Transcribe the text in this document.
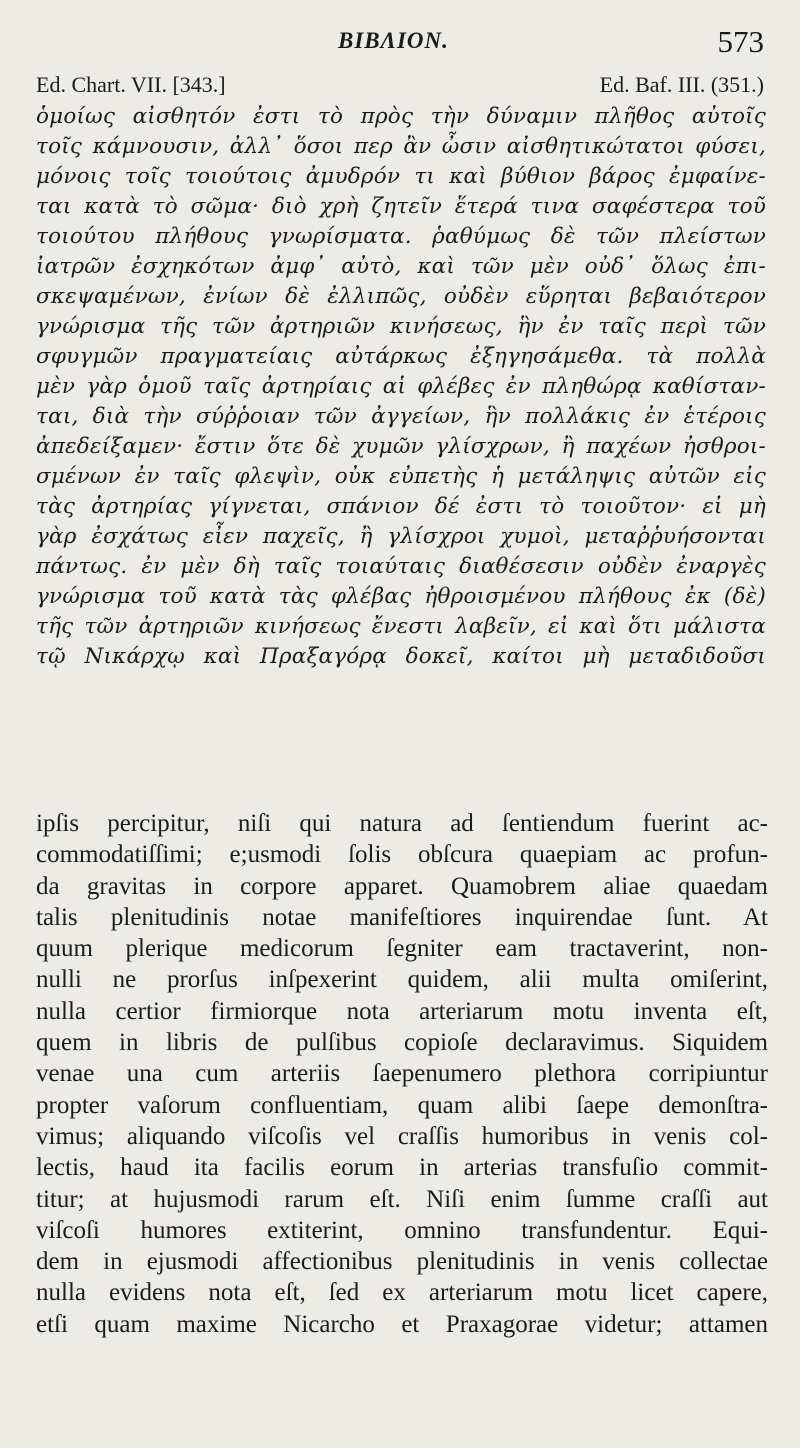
BIBΛΙΟΝ.	573
Ed. Chart. VII. [343.]	Ed. Baf. III. (351.)
ὁμοίως αἰσθητόν ἐστι τὸ πρὸς τὴν δύναμιν πλῆθος αὐτοῖς
τοῖς κάμνουσιν, ἀλλ᾽ ὅσοι περ ἂν ὦσιν αἰσθητικώτατοι φύσει,
μόνοις τοῖς τοιούτοις ἀμυδρόν τι καὶ βύθιον βάρος ἐμφαίνε-
ται κατὰ τὸ σῶμα· διὸ χρὴ ζητεῖν ἕτερά τινα σαφέστερα τοῦ
τοιούτου πλήθους γνωρίσματα. ῥαθύμως δὲ τῶν πλείστων
ἰατρῶν ἐσχηκότων ἀμφ᾽ αὐτὸ, καὶ τῶν μὲν οὐδ᾽ ὅλως ἐπι-
σκεψαμένων, ἐνίων δὲ ἐλλιπῶς, οὐδὲν εὕρηται βεβαιότερον
γνώρισμα τῆς τῶν ἀρτηριῶν κινήσεως, ἣν ἐν ταῖς περὶ τῶν
σφυγμῶν πραγματείαις αὐτάρκως ἐξηγησάμεθα. τὰ πολλὰ
μὲν γὰρ ὁμοῦ ταῖς ἀρτηρίαις αἱ φλέβες ἐν πληθώρᾳ καθίσταν-
ται, διὰ τὴν σύῤῥοιαν τῶν ἀγγείων, ἣν πολλάκις ἐν ἑτέροις
ἀπεδείξαμεν· ἔστιν ὅτε δὲ χυμῶν γλίσχρων, ἢ παχέων ἠσθροι-
σμένων ἐν ταῖς φλεψὶν, οὐκ εὐπετὴς ἡ μετάληψις αὐτῶν εἰς
τὰς ἀρτηρίας γίγνεται, σπάνιον δέ ἐστι τὸ τοιοῦτον· εἰ μὴ
γὰρ ἐσχάτως εἶεν παχεῖς, ἢ γλίσχροι χυμοὶ, μεταῤῥυήσονται
πάντως. ἐν μὲν δὴ ταῖς τοιαύταις διαθέσεσιν οὐδὲν ἐναργὲς
γνώρισμα τοῦ κατὰ τὰς φλέβας ἠθροισμένου πλήθους ἐκ (δὲ)
τῆς τῶν ἀρτηριῶν κινήσεως ἔνεστι λαβεῖν, εἰ καὶ ὅτι μάλιστα
τῷ Νικάρχῳ καὶ Πραξαγόρᾳ δοκεῖ, καίτοι μὴ μεταδιδοῦσι
ipſis percipitur, niſi qui natura ad ſentiendum fuerint ac-
commodatiſſimi; e;usmodi ſolis obſcura quaepiam ac profun-
da gravitas in corpore apparet. Quamobrem aliae quaedam
talis plenitudinis notae manifeſtiores inquirendae ſunt. At
quum plerique medicorum ſegniter eam tractaverint, non-
nulli ne prorſus inſpexerint quidem, alii multa omiſerint,
nulla certior firmiorque nota arteriarum motu inventa eſt,
quem in libris de pulſibus copioſe declaravimus. Siquidem
venae una cum arteriis ſaepenumero plethora corripiuntur
propter vaſorum confluentiam, quam alibi ſaepe demonſtra-
vimus; aliquando viſcoſis vel craſſis humoribus in venis col-
lectis, haud ita facilis eorum in arterias transfuſio commit-
titur; at hujusmodi rarum eſt. Niſi enim ſumme craſſi aut
viſcoſi humores extiterint, omnino transfundentur. Equi-
dem in ejusmodi affectionibus plenitudinis in venis collectae
nulla evidens nota eſt, ſed ex arteriarum motu licet capere,
etſi quam maxime Nicarcho et Praxagorae videtur; attamen
